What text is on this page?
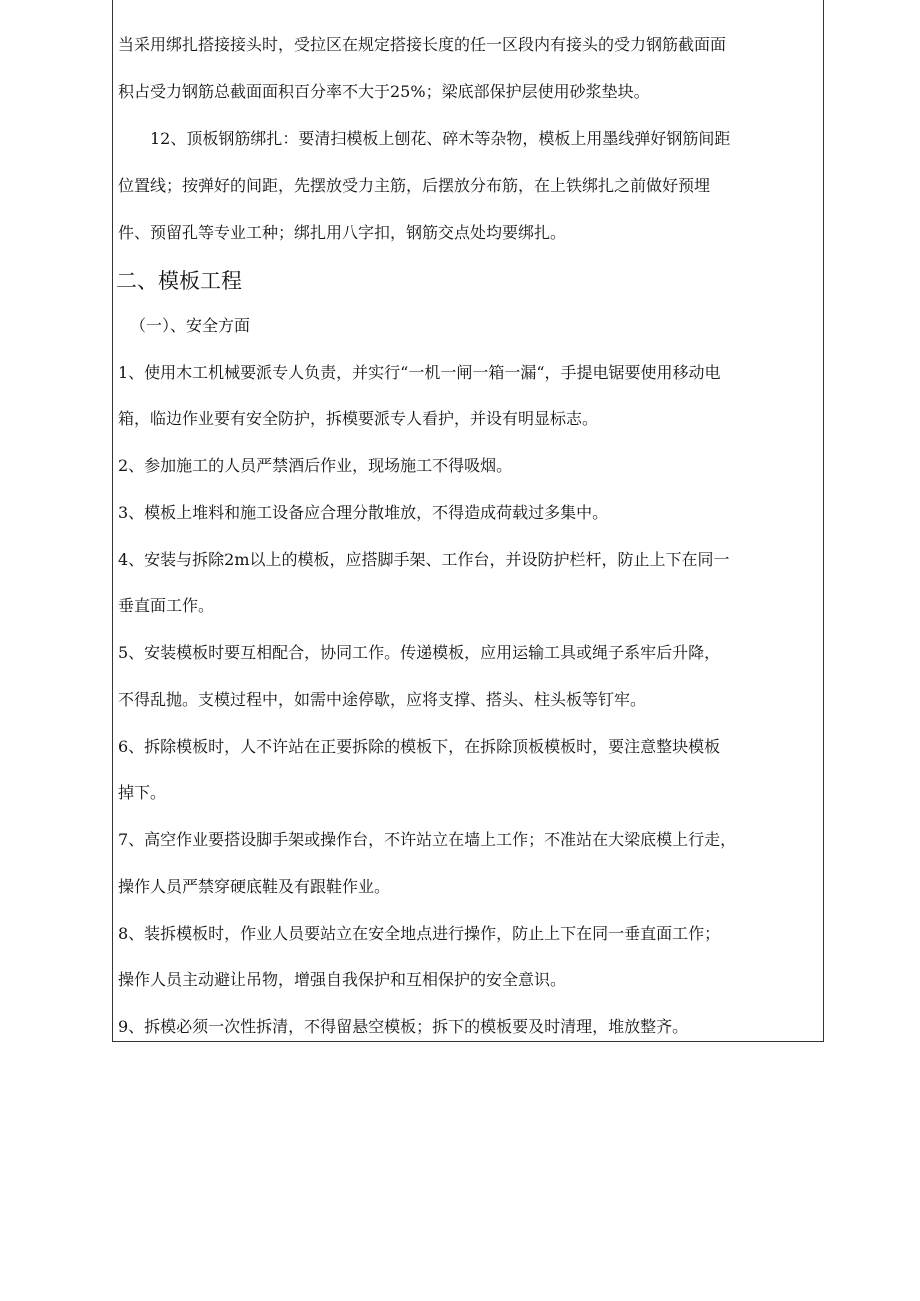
当采用绑扎搭接接头时，受拉区在规定搭接长度的任一区段内有接头的受力钢筋截面面
积占受力钢筋总截面面积百分率不大于25%；梁底部保护层使用砂浆垫块。
12、顶板钢筋绑扎：要清扫模板上刨花、碎木等杂物，模板上用墨线弹好钢筋间距
位置线；按弹好的间距，先摆放受力主筋，后摆放分布筋，在上铁绑扎之前做好预埋
件、预留孔等专业工种；绑扎用八字扣，钢筋交点处均要绑扎。
二、模板工程
（一）、安全方面
1、使用木工机械要派专人负责，并实行“一机一闸一箱一漏“，手提电锯要使用移动电
箱，临边作业要有安全防护，拆模要派专人看护，并设有明显标志。
2、参加施工的人员严禁酒后作业，现场施工不得吸烟。
3、模板上堆料和施工设备应合理分散堆放，不得造成荷载过多集中。
4、安装与拆除2m以上的模板，应搭脚手架、工作台，并设防护栏杆，防止上下在同一
垂直面工作。
5、安装模板时要互相配合，协同工作。传递模板，应用运输工具或绳子系牢后升降，
不得乱抛。支模过程中，如需中途停歇，应将支撑、搭头、柱头板等钉牢。
6、拆除模板时，人不许站在正要拆除的模板下，在拆除顶板模板时，要注意整块模板
掉下。
7、高空作业要搭设脚手架或操作台，不许站立在墙上工作；不准站在大梁底模上行走，
操作人员严禁穿硬底鞋及有跟鞋作业。
8、装拆模板时，作业人员要站立在安全地点进行操作，防止上下在同一垂直面工作；
操作人员主动避让吊物，增强自我保护和互相保护的安全意识。
9、拆模必须一次性拆清，不得留悬空模板；拆下的模板要及时清理，堆放整齐。
